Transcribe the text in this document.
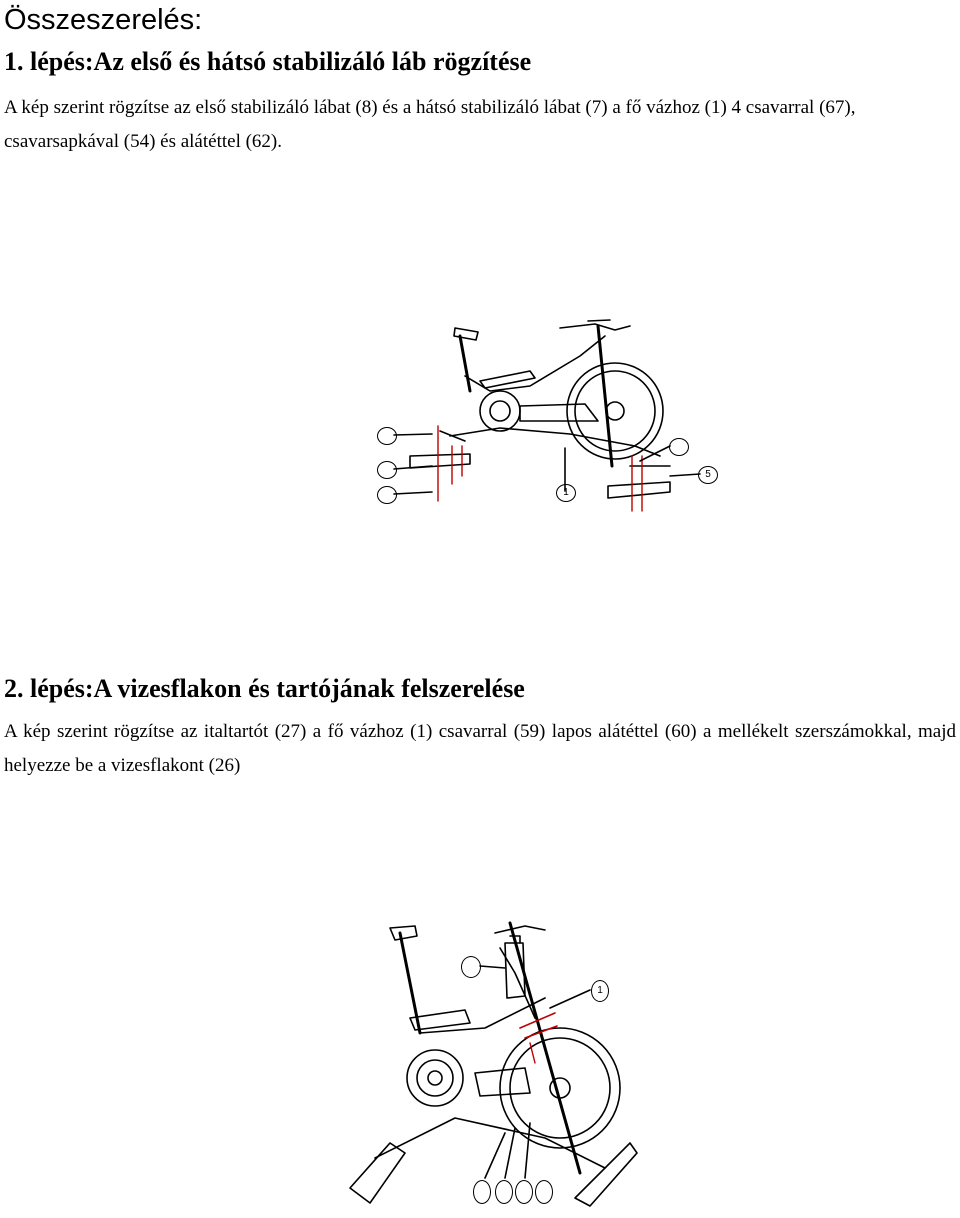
Összeszerelés:
1. lépés:Az első és hátsó stabilizáló láb rögzítése

A kép szerint rögzítse az első stabilizáló lábat (8) és a hátsó stabilizáló lábat (7) a fő vázhoz (1) 4 csavarral (67), csavarsapkával (54) és alátéttel (62).

1
5
2. lépés:A vizesflakon és tartójának felszerelése

A kép szerint rögzítse az italtartót (27) a fő vázhoz (1) csavarral (59) lapos alátéttel (60) a mellékelt szerszámokkal, majd helyezze be a vizesflakont (26)

1
